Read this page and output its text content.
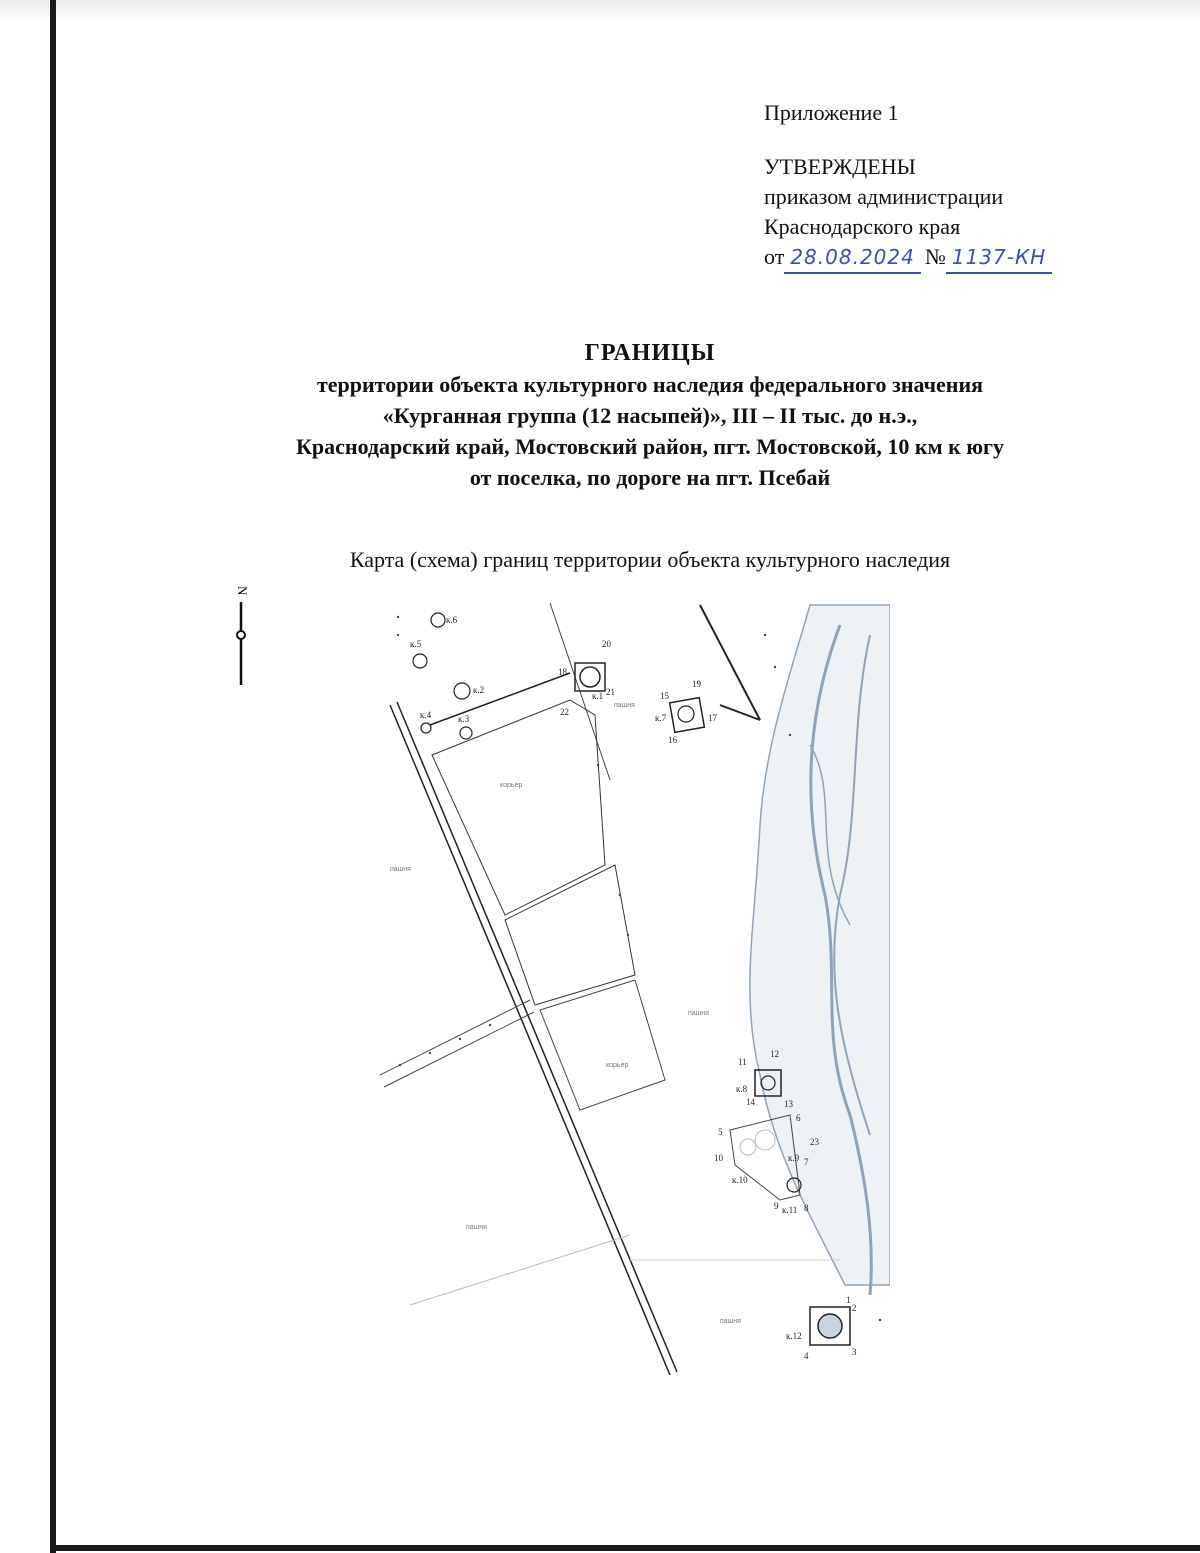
Приложение 1
УТВЕРЖДЕНЫ
приказом администрации
Краснодарского края
от 28.08.2024 № 1137-КН
ГРАНИЦЫ
территории объекта культурного наследия федерального значения
«Курганная группа (12 насыпей)», III – II тыс. до н.э.,
Краснодарский край, Мостовский район, пгт. Мостовской, 10 км к югу
от поселка, по дороге на пгт. Псебай
Карта (схема) границ территории объекта культурного наследия
N
к.6
к.5
к.2
к.3
к.4
к.1
к.7
к.8
к.9
к.10
к.11
к.12
1
2
3
4
5
6
7
8
9
10
11
12
13
14
15
16
17
18
19
20
21
22
23
корьер
корьер
пашня
пашня
пашня
пашня
пашня
